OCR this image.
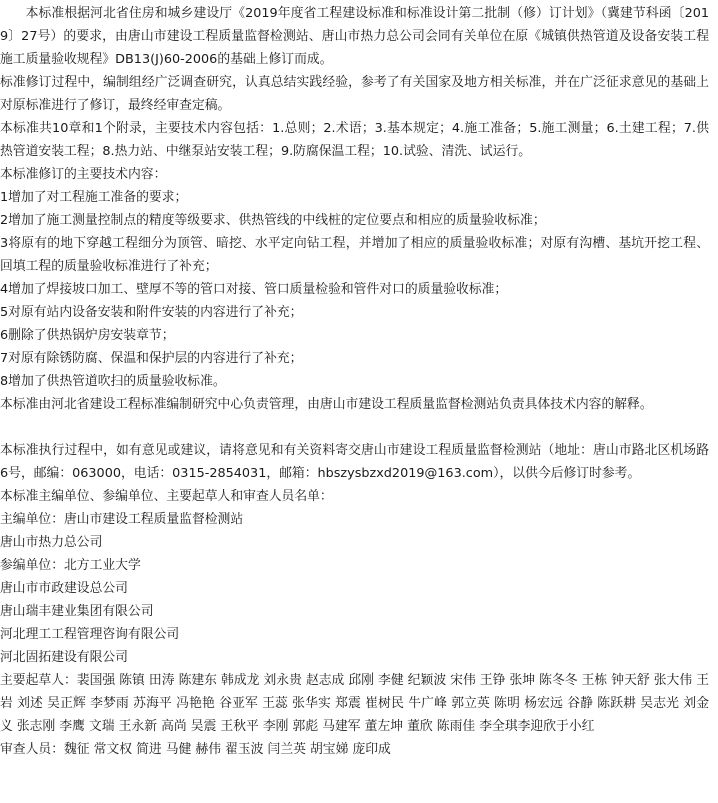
本标准根据河北省住房和城乡建设厅《2019年度省工程建设标准和标准设计第二批制（修）订计划》（冀建节科函〔2019〕27号）的要求，由唐山市建设工程质量监督检测站、唐山市热力总公司会同有关单位在原《城镇供热管道及设备安装工程施工质量验收规程》DB13(J)60-2006的基础上修订而成。

标准修订过程中，编制组经广泛调查研究，认真总结实践经验，参考了有关国家及地方相关标准，并在广泛征求意见的基础上对原标准进行了修订，最终经审查定稿。

本标准共10章和1个附录，主要技术内容包括：1.总则；2.术语；3.基本规定；4.施工准备；5.施工测量；6.土建工程；7.供热管道安装工程；8.热力站、中继泵站安装工程；9.防腐保温工程；10.试验、清洗、试运行。

本标准修订的主要技术内容：

1增加了对工程施工准备的要求；

2增加了施工测量控制点的精度等级要求、供热管线的中线桩的定位要点和相应的质量验收标准；

3将原有的地下穿越工程细分为顶管、暗挖、水平定向钻工程，并增加了相应的质量验收标准；对原有沟槽、基坑开挖工程、回填工程的质量验收标准进行了补充；

4增加了焊接坡口加工、壁厚不等的管口对接、管口质量检验和管件对口的质量验收标准；

5对原有站内设备安装和附件安装的内容进行了补充；

6删除了供热锅炉房安装章节；

7对原有除锈防腐、保温和保护层的内容进行了补充；

8增加了供热管道吹扫的质量验收标准。

本标准由河北省建设工程标准编制研究中心负责管理，由唐山市建设工程质量监督检测站负责具体技术内容的解释。

本标准执行过程中，如有意见或建议，请将意见和有关资料寄交唐山市建设工程质量监督检测站（地址：唐山市路北区机场路6号，邮编：063000，电话：0315-2854031，邮箱：hbszysbzxd2019@163.com），以供今后修订时参考。

本标准主编单位、参编单位、主要起草人和审查人员名单：

主编单位：唐山市建设工程质量监督检测站

唐山市热力总公司

参编单位：北方工业大学

唐山市市政建设总公司

唐山瑞丰建业集团有限公司

河北理工工程管理咨询有限公司

河北固拓建设有限公司

主要起草人：裴国强 陈镇 田涛 陈建东 韩成龙 刘永贵 赵志成 邱刚 李健 纪颖波 宋伟 王铮 张坤 陈冬冬 王栋 钟天舒 张大伟 王岩 刘述 吴正辉 李梦雨 苏海平 冯艳艳 谷亚军 王蕊 张华实 郑震 崔树民 牛广峰 郭立英 陈明 杨宏远 谷静 陈跃耕 吴志光 刘金义 张志刚 李鹰 文瑞 王永新 高尚 吴震 王秋平 李刚 郭彪 马建军 董左坤 董欣 陈雨佳 李全琪李迎欣于小红

审查人员：魏征 常文权 简进 马健 赫伟 翟玉波 闫兰英 胡宝娣 庞印成
